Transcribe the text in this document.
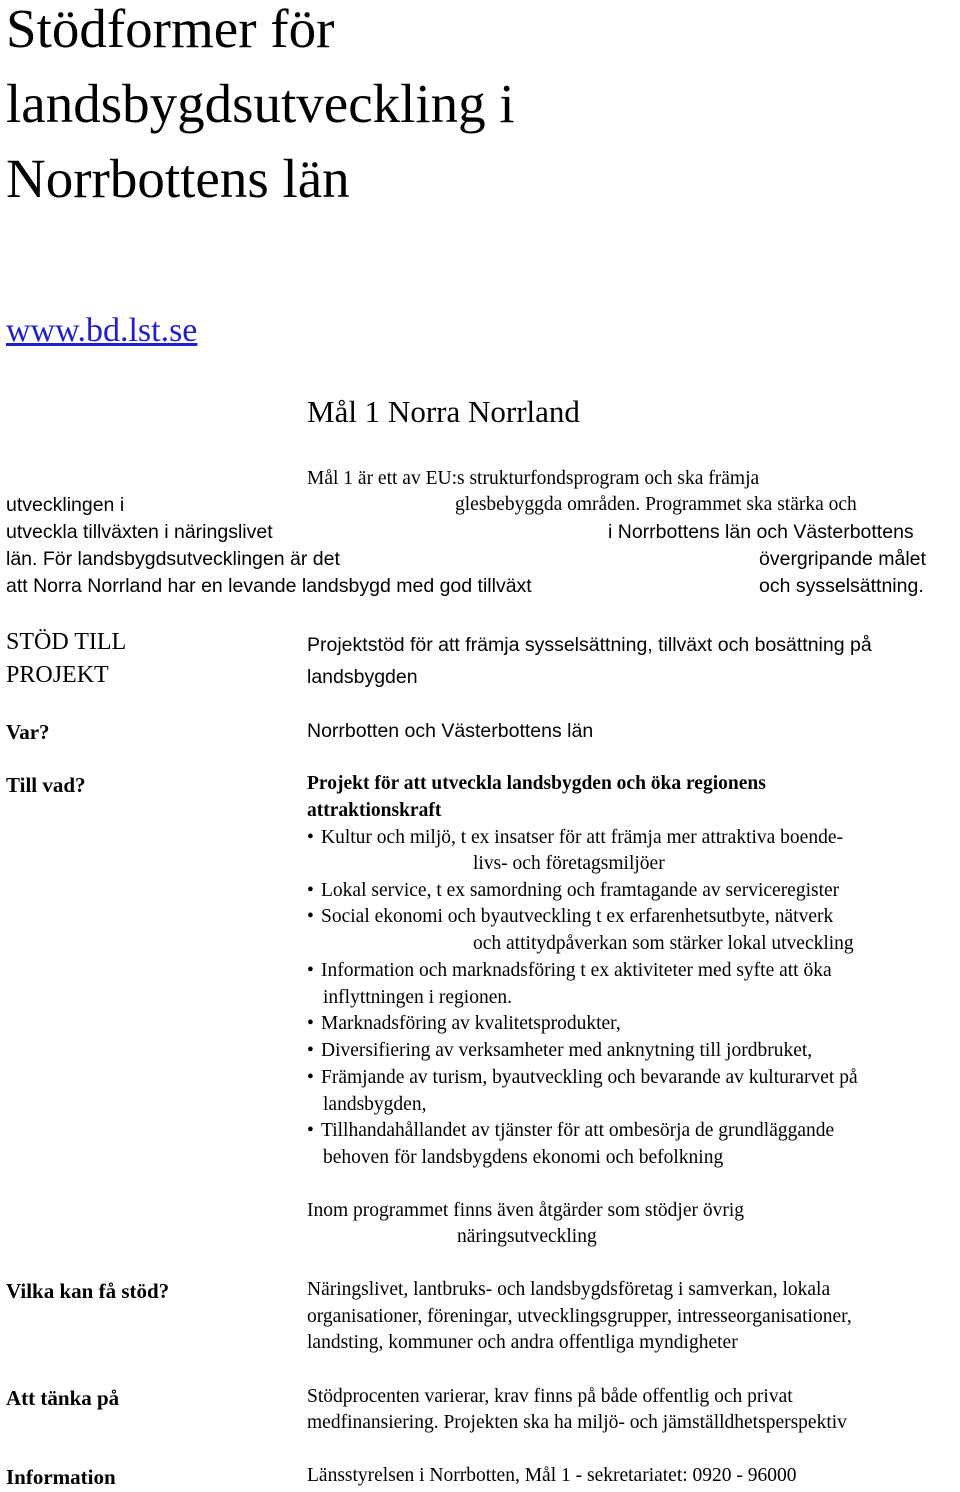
Stödformer för
landsbygdsutveckling i
Norrbottens län
www.bd.lst.se
Mål 1 Norra Norrland
Mål 1 är ett av EU:s strukturfondsprogram och ska främja
utvecklingen i	glesbebyggda områden. Programmet ska stärka och
utveckla tillväxten i näringslivet	i Norrbottens län och Västerbottens
län. För landsbygdsutvecklingen är det	övergripande målet
att Norra Norrland har en levande landsbygd med god tillväxt	och sysselsättning.
STÖD TILL
PROJEKT
Projektstöd för att främja sysselsättning, tillväxt och bosättning på
landsbygden
Var?	Norrbotten och Västerbottens län
Till vad?	Projekt för att utveckla landsbygden och öka regionens
attraktionskraft
• Kultur och miljö, t ex insatser för att främja mer attraktiva boende-
livs- och företagsmiljöer
• Lokal service, t ex samordning och framtagande av serviceregister
• Social ekonomi och byautveckling t ex erfarenhetsutbyte, nätverk
och attitydpåverkan som stärker lokal utveckling
• Information och marknadsföring t ex aktiviteter med syfte att öka
inflyttningen i regionen.
• Marknadsföring av kvalitetsprodukter,
• Diversifiering av verksamheter med anknytning till jordbruket,
• Främjande av turism, byautveckling och bevarande av kulturarvet på
landsbygden,
• Tillhandahållandet av tjänster för att ombesörja de grundläggande
behoven för landsbygdens ekonomi och befolkning
Inom programmet finns även åtgärder som stödjer övrig
näringsutveckling
Vilka kan få stöd?	Näringslivet, lantbruks- och landsbygdsföretag i samverkan, lokala
organisationer, föreningar, utvecklingsgrupper, intresseorganisationer,
landsting, kommuner och andra offentliga myndigheter
Att tänka på	Stödprocenten varierar, krav finns på både offentlig och privat
medfinansiering. Projekten ska ha miljö- och jämställdhetsperspektiv
Information	Länsstyrelsen i Norrbotten, Mål 1 - sekretariatet: 0920 - 96000
